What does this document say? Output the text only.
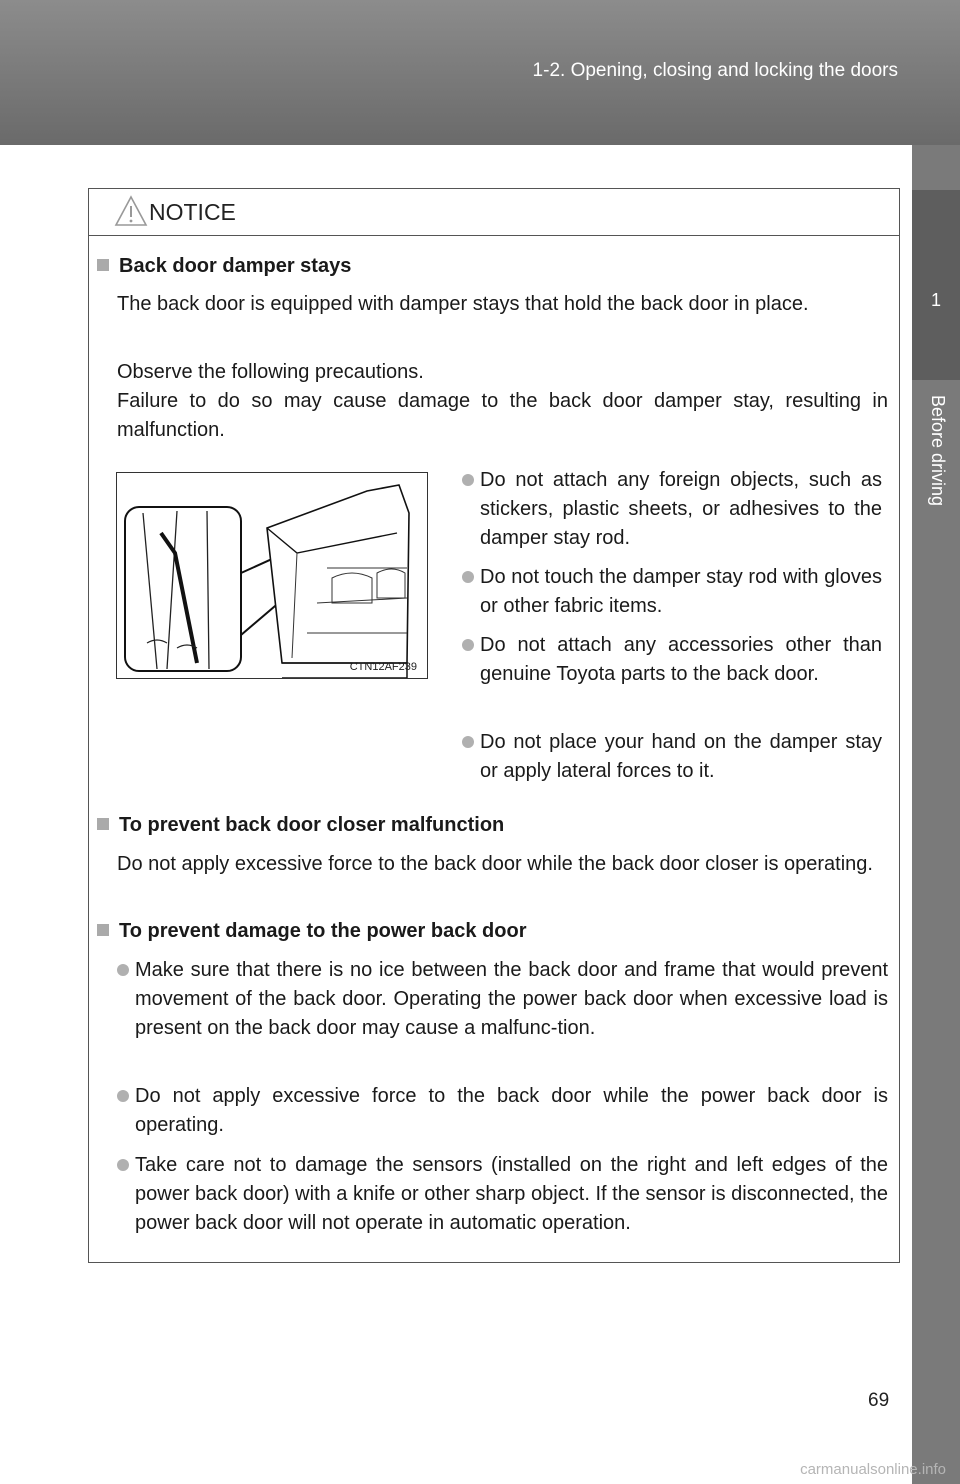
1-2. Opening, closing and locking the doors
1
Before driving
NOTICE
Back door damper stays
The back door is equipped with damper stays that hold the back door in place.
Observe the following precautions.
Failure to do so may cause damage to the back door damper stay, resulting in malfunction.
CTN12AF239
Do not attach any foreign objects, such as stickers, plastic sheets, or adhesives to the damper stay rod.
Do not touch the damper stay rod with gloves or other fabric items.
Do not attach any accessories other than genuine Toyota parts to the back door.
Do not place your hand on the damper stay or apply lateral forces to it.
To prevent back door closer malfunction
Do not apply excessive force to the back door while the back door closer is operating.
To prevent damage to the power back door
Make sure that there is no ice between the back door and frame that would prevent movement of the back door. Operating the power back door when excessive load is present on the back door may cause a malfunc-tion.
Do not apply excessive force to the back door while the power back door is operating.
Take care not to damage the sensors (installed on the right and left edges of the power back door) with a knife or other sharp object. If the sensor is disconnected, the power back door will not operate in automatic operation.
69
carmanualsonline.info
